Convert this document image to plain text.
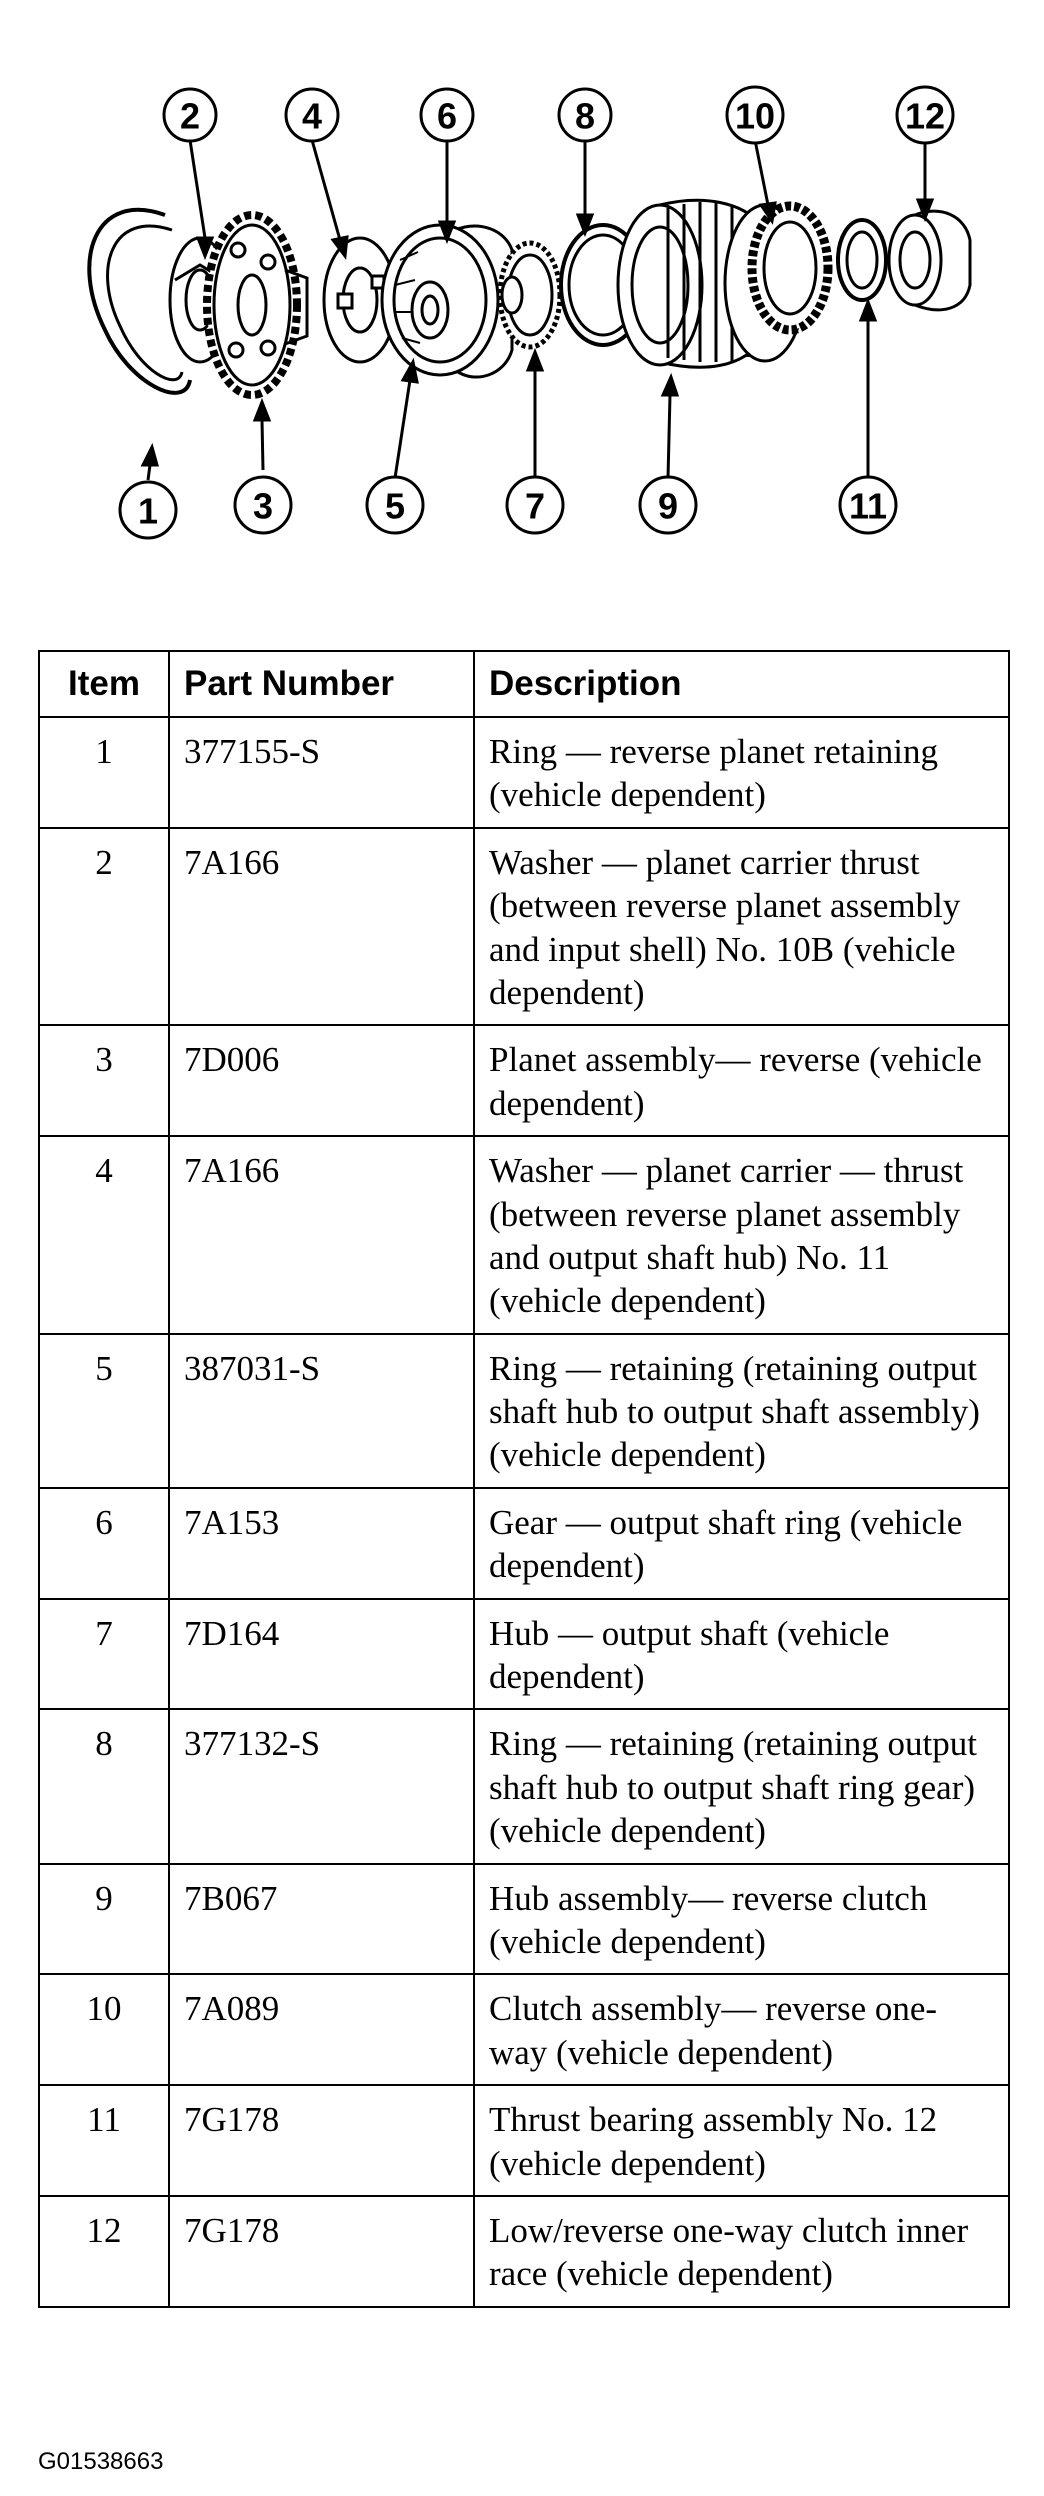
2	4	6	8	10	12
1	3	5	7	9	11
Item	Part Number	Description
1	377155-S	Ring — reverse planet retaining (vehicle dependent)
2	7A166	Washer — planet carrier thrust (between reverse planet assembly and input shell) No. 10B (vehicle dependent)
3	7D006	Planet assembly— reverse (vehicle dependent)
4	7A166	Washer — planet carrier — thrust (between reverse planet assembly and output shaft hub) No. 11 (vehicle dependent)
5	387031-S	Ring — retaining (retaining output shaft hub to output shaft assembly) (vehicle dependent)
6	7A153	Gear — output shaft ring (vehicle dependent)
7	7D164	Hub — output shaft (vehicle dependent)
8	377132-S	Ring — retaining (retaining output shaft hub to output shaft ring gear) (vehicle dependent)
9	7B067	Hub assembly— reverse clutch (vehicle dependent)
10	7A089	Clutch assembly— reverse one-way (vehicle dependent)
11	7G178	Thrust bearing assembly No. 12 (vehicle dependent)
12	7G178	Low/reverse one-way clutch inner race (vehicle dependent)
G01538663
